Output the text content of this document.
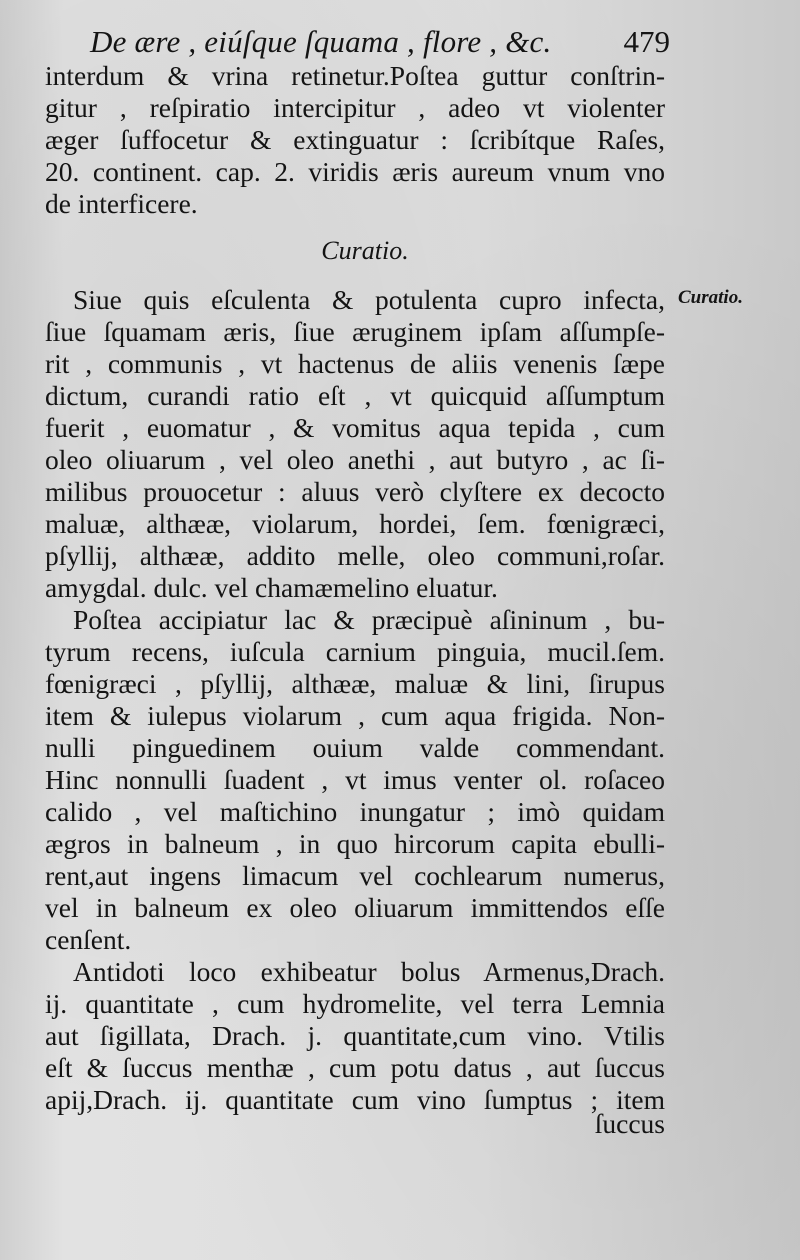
De ære , eiúſque ſquama , flore , &c. 479
interdum & vrina retinetur.Poſtea guttur conſtrin-
gitur , reſpiratio intercipitur , adeo vt violenter
æger ſuffocetur & extinguatur : ſcribítque Raſes,
20. continent. cap. 2. viridis æris aureum vnum vno
de interficere.
Curatio.
Curatio.
Siue quis eſculenta & potulenta cupro infecta,
ſiue ſquamam æris, ſiue æruginem ipſam aſſumpſe-
rit , communis , vt hactenus de aliis venenis ſæpe
dictum, curandi ratio eſt , vt quicquid aſſumptum
fuerit , euomatur , & vomitus aqua tepida , cum
oleo oliuarum , vel oleo anethi , aut butyro , ac ſi-
milibus prouocetur : aluus verò clyſtere ex decocto
maluæ, althææ, violarum, hordei, ſem. fœnigræci,
pſyllij, althææ, addito melle, oleo communi,roſar.
amygdal. dulc. vel chamæmelino eluatur.
Poſtea accipiatur lac & præcipuè aſininum , bu-
tyrum recens, iuſcula carnium pinguia, mucil.ſem.
fœnigræci , pſyllij, althææ, maluæ & lini, ſirupus
item & iulepus violarum , cum aqua frigida. Non-
nulli pinguedinem ouium valde commendant.
Hinc nonnulli ſuadent , vt imus venter ol. roſaceo
calido , vel maſtichino inungatur ; imò quidam
ægros in balneum , in quo hircorum capita ebulli-
rent,aut ingens limacum vel cochlearum numerus,
vel in balneum ex oleo oliuarum immittendos eſſe
cenſent.
Antidoti loco exhibeatur bolus Armenus,Drach.
ij. quantitate , cum hydromelite, vel terra Lemnia
aut ſigillata, Drach. j. quantitate,cum vino. Vtilis
eſt & ſuccus menthæ , cum potu datus , aut ſuccus
apij,Drach. ij. quantitate cum vino ſumptus ; item
ſuccus
